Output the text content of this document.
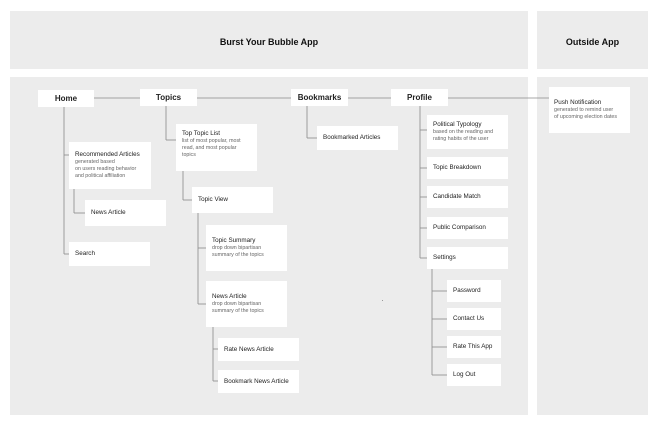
Burst Your Bubble App	Outside App
Home	Topics	Bookmarks	Profile
Recommended Articles
generated based
on users reading behavior
and political affiliation
News Article
Search
Top Topic List
list of most popular, most
read, and most popular
topics
Topic View
Topic Summary
drop down bipartisan
summary of the topics
News Article
drop down bipartisan
summary of the topics
Rate News Article
Bookmark News Article
Bookmarked Articles
Political Typology
based on the reading and
rating habits of the user
Topic Breakdown
Candidate Match
Public Comparison
Settings
Password
Contact Us
Rate This App
Log Out
Push Notification
generated to remind user
of upcoming election dates
